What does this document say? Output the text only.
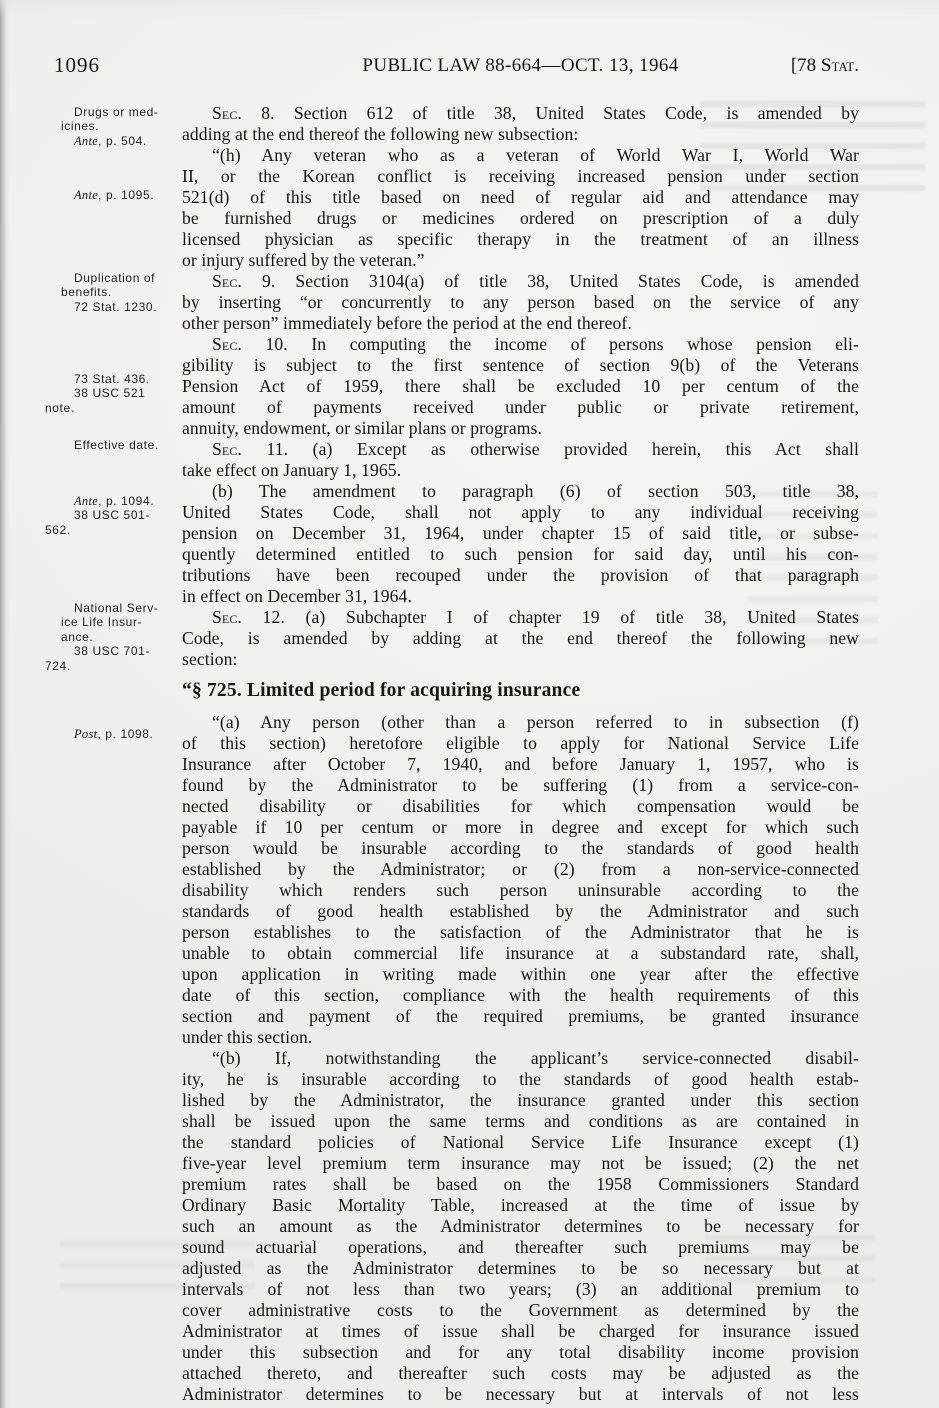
1096	PUBLIC LAW 88-664—OCT. 13, 1964	[78 Stat.
Drugs or med-
icines.
Ante, p. 504.
Ante, p. 1095.
Duplication of
benefits.
72 Stat. 1230.
73 Stat. 436.
38 USC 521
note.
Effective date.
Ante, p. 1094.
38 USC 501-
562.
National Serv-
ice Life Insur-
ance.
38 USC 701-
724.
Post, p. 1098.
Sec. 8. Section 612 of title 38, United States Code, is amended by
adding at the end thereof the following new subsection:
“(h) Any veteran who as a veteran of World War I, World War
II, or the Korean conflict is receiving increased pension under section
521(d) of this title based on need of regular aid and attendance may
be furnished drugs or medicines ordered on prescription of a duly
licensed physician as specific therapy in the treatment of an illness
or injury suffered by the veteran.”
Sec. 9. Section 3104(a) of title 38, United States Code, is amended
by inserting “or concurrently to any person based on the service of any
other person” immediately before the period at the end thereof.
Sec. 10. In computing the income of persons whose pension eli-
gibility is subject to the first sentence of section 9(b) of the Veterans
Pension Act of 1959, there shall be excluded 10 per centum of the
amount of payments received under public or private retirement,
annuity, endowment, or similar plans or programs.
Sec. 11. (a) Except as otherwise provided herein, this Act shall
take effect on January 1, 1965.
(b) The amendment to paragraph (6) of section 503, title 38,
United States Code, shall not apply to any individual receiving
pension on December 31, 1964, under chapter 15 of said title, or subse-
quently determined entitled to such pension for said day, until his con-
tributions have been recouped under the provision of that paragraph
in effect on December 31, 1964.
Sec. 12. (a) Subchapter I of chapter 19 of title 38, United States
Code, is amended by adding at the end thereof the following new
section:
“§ 725. Limited period for acquiring insurance
“(a) Any person (other than a person referred to in subsection (f)
of this section) heretofore eligible to apply for National Service Life
Insurance after October 7, 1940, and before January 1, 1957, who is
found by the Administrator to be suffering (1) from a service-con-
nected disability or disabilities for which compensation would be
payable if 10 per centum or more in degree and except for which such
person would be insurable according to the standards of good health
established by the Administrator; or (2) from a non-service-connected
disability which renders such person uninsurable according to the
standards of good health established by the Administrator and such
person establishes to the satisfaction of the Administrator that he is
unable to obtain commercial life insurance at a substandard rate, shall,
upon application in writing made within one year after the effective
date of this section, compliance with the health requirements of this
section and payment of the required premiums, be granted insurance
under this section.
“(b) If, notwithstanding the applicant’s service-connected disabil-
ity, he is insurable according to the standards of good health estab-
lished by the Administrator, the insurance granted under this section
shall be issued upon the same terms and conditions as are contained in
the standard policies of National Service Life Insurance except (1)
five-year level premium term insurance may not be issued; (2) the net
premium rates shall be based on the 1958 Commissioners Standard
Ordinary Basic Mortality Table, increased at the time of issue by
such an amount as the Administrator determines to be necessary for
sound actuarial operations, and thereafter such premiums may be
adjusted as the Administrator determines to be so necessary but at
intervals of not less than two years; (3) an additional premium to
cover administrative costs to the Government as determined by the
Administrator at times of issue shall be charged for insurance issued
under this subsection and for any total disability income provision
attached thereto, and thereafter such costs may be adjusted as the
Administrator determines to be necessary but at intervals of not less
